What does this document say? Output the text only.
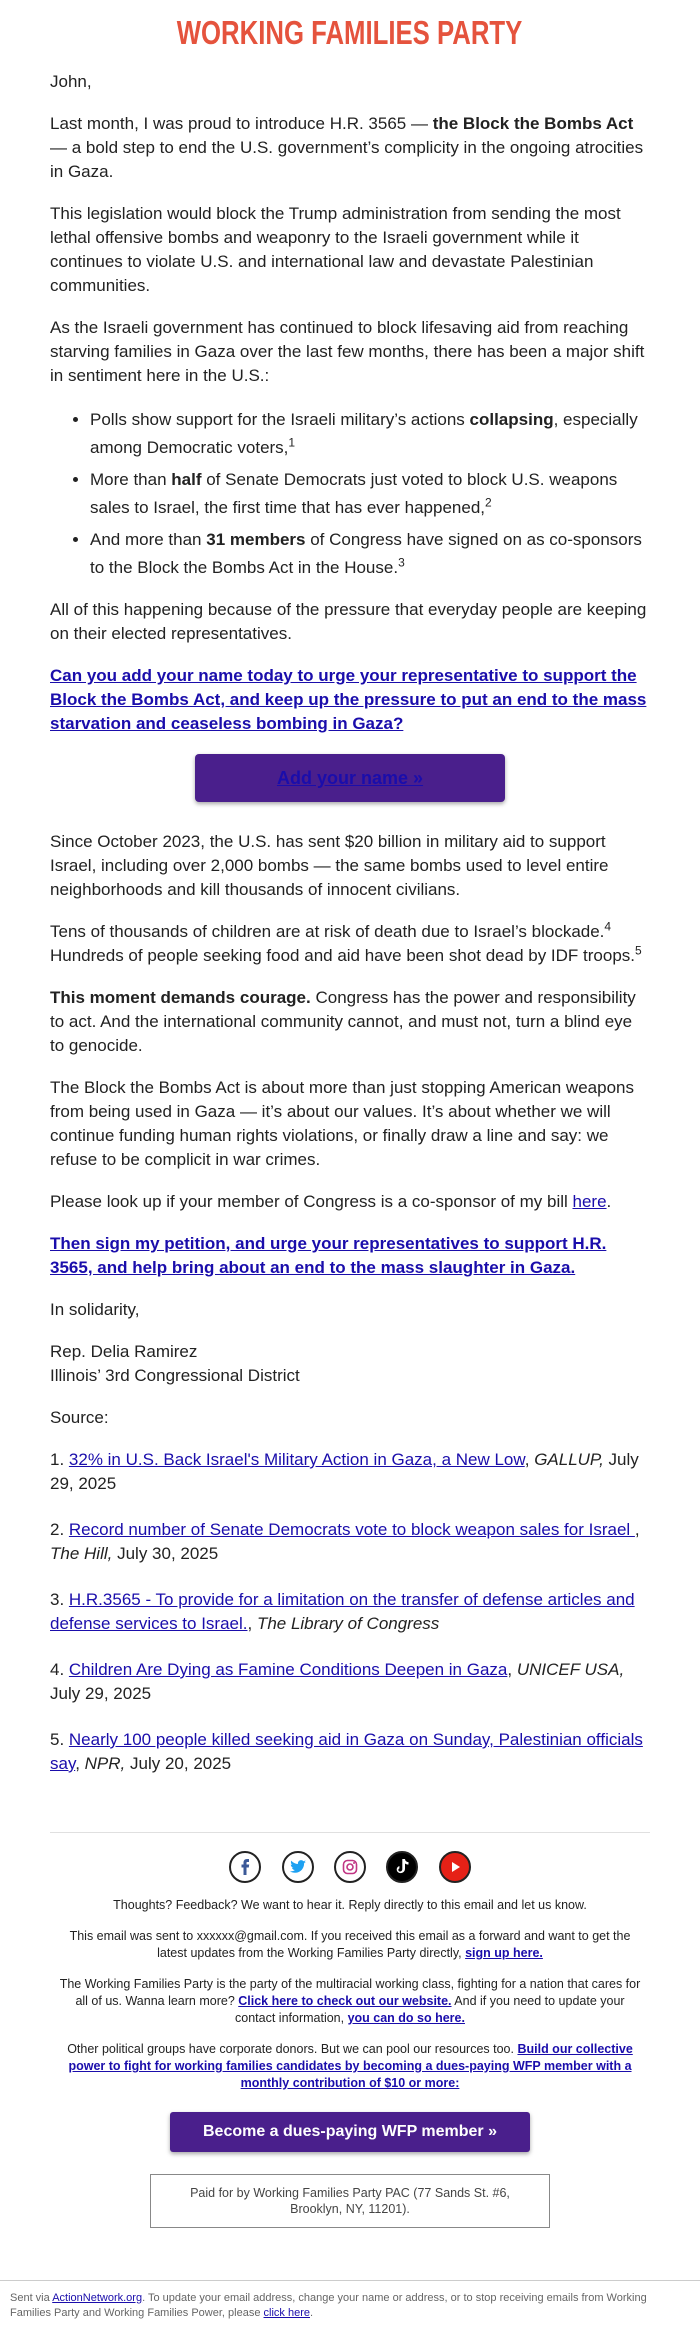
WORKING FAMILIES PARTY

John,

Last month, I was proud to introduce H.R. 3565 — the Block the Bombs Act — a bold step to end the U.S. government’s complicity in the ongoing atrocities in Gaza.

This legislation would block the Trump administration from sending the most lethal offensive bombs and weaponry to the Israeli government while it continues to violate U.S. and international law and devastate Palestinian communities.

As the Israeli government has continued to block lifesaving aid from reaching starving families in Gaza over the last few months, there has been a major shift in sentiment here in the U.S.:

• Polls show support for the Israeli military’s actions collapsing, especially among Democratic voters,$^1$
• More than half of Senate Democrats just voted to block U.S. weapons sales to Israel, the first time that has ever happened,$^2$
• And more than 31 members of Congress have signed on as co-sponsors to the Block the Bombs Act in the House.$^3$

All of this happening because of the pressure that everyday people are keeping on their elected representatives.

Can you add your name today to urge your representative to support the Block the Bombs Act, and keep up the pressure to put an end to the mass starvation and ceaseless bombing in Gaza?

Add your name »

Since October 2023, the U.S. has sent $20 billion in military aid to support Israel, including over 2,000 bombs — the same bombs used to level entire neighborhoods and kill thousands of innocent civilians.

Tens of thousands of children are at risk of death due to Israel’s blockade.$^4$ Hundreds of people seeking food and aid have been shot dead by IDF troops.$^5$

This moment demands courage. Congress has the power and responsibility to act. And the international community cannot, and must not, turn a blind eye to genocide.

The Block the Bombs Act is about more than just stopping American weapons from being used in Gaza — it’s about our values. It’s about whether we will continue funding human rights violations, or finally draw a line and say: we refuse to be complicit in war crimes.

Please look up if your member of Congress is a co-sponsor of my bill here.

Then sign my petition, and urge your representatives to support H.R. 3565, and help bring about an end to the mass slaughter in Gaza.

In solidarity,

Rep. Delia Ramirez
Illinois’ 3rd Congressional District

Source:

1. 32% in U.S. Back Israel's Military Action in Gaza, a New Low, GALLUP, July 29, 2025

2. Record number of Senate Democrats vote to block weapon sales for Israel , The Hill, July 30, 2025

3. H.R.3565 - To provide for a limitation on the transfer of defense articles and defense services to Israel., The Library of Congress

4. Children Are Dying as Famine Conditions Deepen in Gaza, UNICEF USA, July 29, 2025

5. Nearly 100 people killed seeking aid in Gaza on Sunday, Palestinian officials say, NPR, July 20, 2025

Thoughts? Feedback? We want to hear it. Reply directly to this email and let us know.

This email was sent to xxxxxx@gmail.com. If you received this email as a forward and want to get the latest updates from the Working Families Party directly, sign up here.

The Working Families Party is the party of the multiracial working class, fighting for a nation that cares for all of us. Wanna learn more? Click here to check out our website. And if you need to update your contact information, you can do so here.

Other political groups have corporate donors. But we can pool our resources too. Build our collective power to fight for working families candidates by becoming a dues-paying WFP member with a monthly contribution of $10 or more:

Become a dues-paying WFP member »
Paid for by Working Families Party PAC (77 Sands St. #6, Brooklyn, NY, 11201).
Sent via ActionNetwork.org. To update your email address, change your name or address, or to stop receiving emails from Working Families Party and Working Families Power, please click here.
